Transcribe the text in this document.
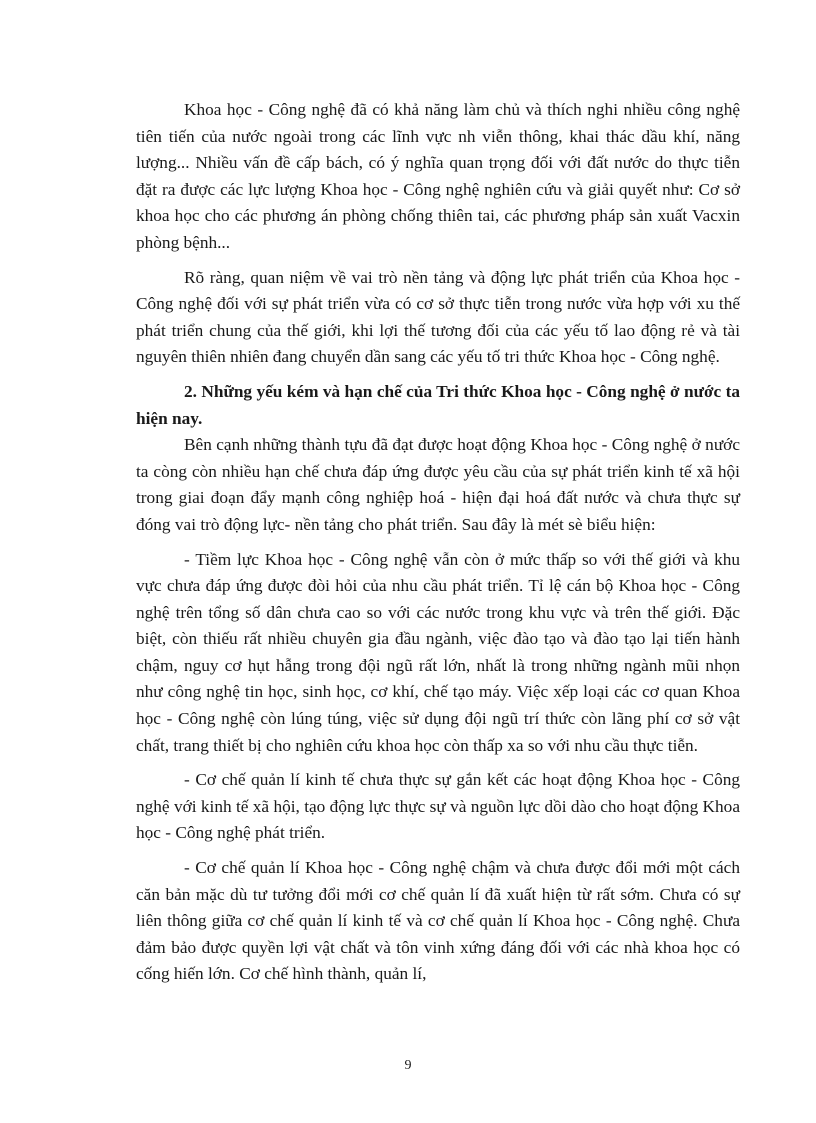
Khoa học - Công nghệ đã có khả năng làm chủ và thích nghi nhiều công nghệ tiên tiến của nước ngoài trong các lĩnh vực nh viễn thông, khai thác dầu khí, năng lượng... Nhiều vấn đề cấp bách, có ý nghĩa quan trọng đối với đất nước do thực tiễn đặt ra được các lực lượng Khoa học - Công nghệ nghiên cứu và giải quyết như: Cơ sở khoa học cho các phương án phòng chống thiên tai, các phương pháp sản xuất Vacxin phòng bệnh...

Rõ ràng, quan niệm về vai trò nền tảng và động lực phát triển của Khoa học - Công nghệ đối với sự phát triển vừa có cơ sở thực tiễn trong nước vừa hợp với xu thế phát triển chung của thế giới, khi lợi thế tương đối của các yếu tố lao động rẻ và tài nguyên thiên nhiên đang chuyển dần sang các yếu tố tri thức Khoa học - Công nghệ.

2. Những yếu kém và hạn chế của Tri thức Khoa học - Công nghệ ở nước ta hiện nay.

Bên cạnh những thành tựu đã đạt được hoạt động Khoa học - Công nghệ ở nước ta còng còn nhiều hạn chế chưa đáp ứng được yêu cầu của sự phát triển kinh tế xã hội trong giai đoạn đẩy mạnh công nghiệp hoá - hiện đại hoá đất nước và chưa thực sự đóng vai trò động lực- nền tảng cho phát triển. Sau đây là mét sè biểu hiện:

- Tiềm lực Khoa học - Công nghệ vẫn còn ở mức thấp so với thế giới và khu vực chưa đáp ứng được đòi hỏi của nhu cầu phát triển. Tỉ lệ cán bộ Khoa học - Công nghệ trên tổng số dân chưa cao so với các nước trong khu vực và trên thế giới. Đặc biệt, còn thiếu rất nhiều chuyên gia đầu ngành, việc đào tạo và đào tạo lại tiến hành chậm, nguy cơ hụt hẫng trong đội ngũ rất lớn, nhất là trong những ngành mũi nhọn như công nghệ tin học, sinh học, cơ khí, chế tạo máy. Việc xếp loại các cơ quan Khoa học - Công nghệ còn lúng túng, việc sử dụng đội ngũ trí thức còn lãng phí cơ sở vật chất, trang thiết bị cho nghiên cứu khoa học còn thấp xa so với nhu cầu thực tiễn.

- Cơ chế quản lí kinh tế chưa thực sự gắn kết các hoạt động Khoa học - Công nghệ với kinh tế xã hội, tạo động lực thực sự và nguồn lực dồi dào cho hoạt động Khoa học - Công nghệ phát triển.

- Cơ chế quản lí Khoa học - Công nghệ chậm và chưa được đổi mới một cách căn bản mặc dù tư tưởng đổi mới cơ chế quản lí đã xuất hiện từ rất sớm. Chưa có sự liên thông giữa cơ chế quản lí kinh tế và cơ chế quản lí Khoa học - Công nghệ. Chưa đảm bảo được quyền lợi vật chất và tôn vinh xứng đáng đối với các nhà khoa học có cống hiến lớn. Cơ chế hình thành, quản lí,

9
